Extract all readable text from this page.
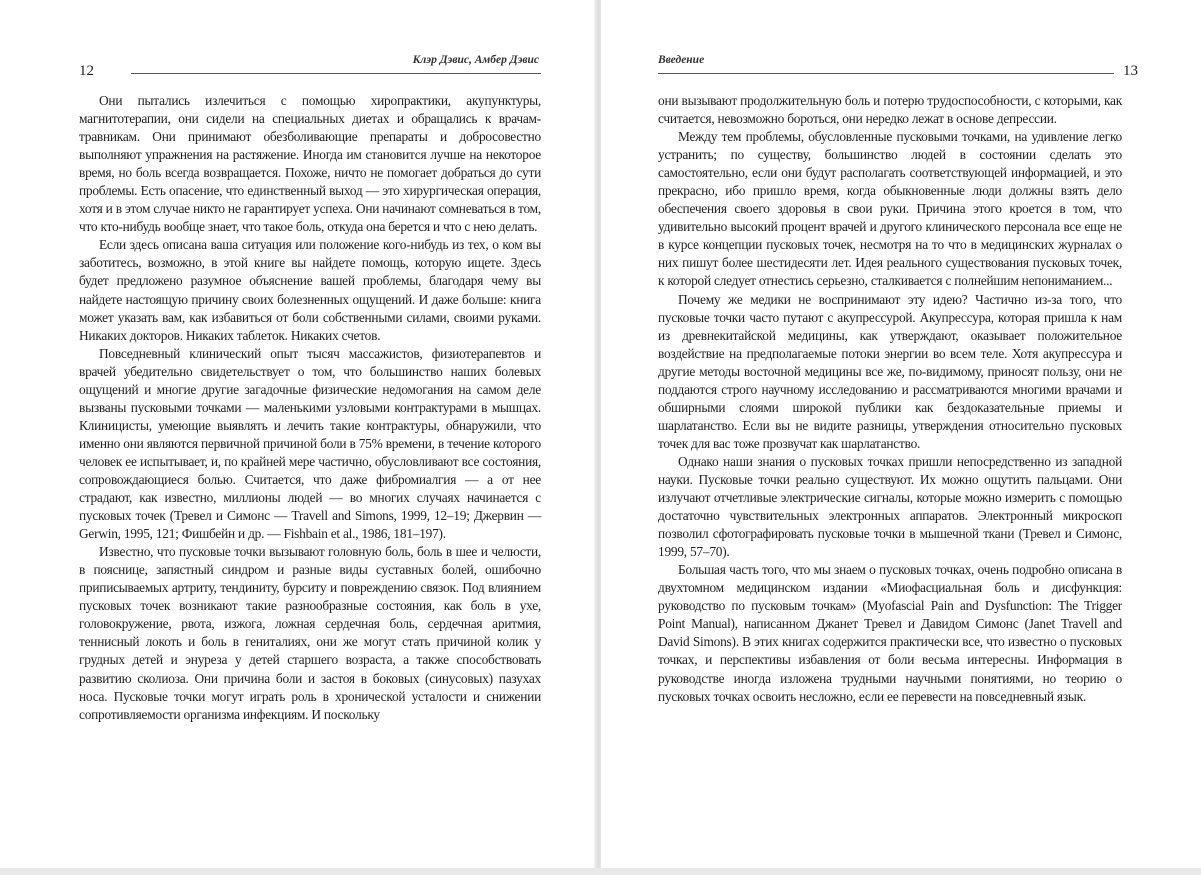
12
Клэр Дэвис, Амбер Дэвис

Они пытались излечиться с помощью хиропрактики, акупунктуры, магнитотерапии, они сидели на специальных диетах и обращались к врачам-травникам. Они принимают обезболивающие препараты и добросовестно выполняют упражнения на растяжение. Иногда им становится лучше на некоторое время, но боль всегда возвращается. Похоже, ничто не помогает добраться до сути проблемы. Есть опасение, что единственный выход — это хирургическая операция, хотя и в этом случае никто не гарантирует успеха. Они начинают сомневаться в том, что кто-нибудь вообще знает, что такое боль, откуда она берется и что с нею делать.

Если здесь описана ваша ситуация или положение кого-нибудь из тех, о ком вы заботитесь, возможно, в этой книге вы найдете помощь, которую ищете. Здесь будет предложено разумное объяснение вашей проблемы, благодаря чему вы найдете настоящую причину своих болезненных ощущений. И даже больше: книга может указать вам, как избавиться от боли собственными силами, своими руками. Никаких докторов. Никаких таблеток. Никаких счетов.

Повседневный клинический опыт тысяч массажистов, физиотерапевтов и врачей убедительно свидетельствует о том, что большинство наших болевых ощущений и многие другие загадочные физические недомогания на самом деле вызваны пусковыми точками — маленькими узловыми контрактурами в мышцах. Клиницисты, умеющие выявлять и лечить такие контрактуры, обнаружили, что именно они являются первичной причиной боли в 75% времени, в течение которого человек ее испытывает, и, по крайней мере частично, обусловливают все состояния, сопровождающиеся болью. Считается, что даже фибромиалгия — а от нее страдают, как известно, миллионы людей — во многих случаях начинается с пусковых точек (Тревел и Симонс — Travell and Simons, 1999, 12–19; Джервин — Gerwin, 1995, 121; Фишбейн и др. — Fishbain et al., 1986, 181–197).

Известно, что пусковые точки вызывают головную боль, боль в шее и челюсти, в пояснице, запястный синдром и разные виды суставных болей, ошибочно приписываемых артриту, тендиниту, бурситу и повреждению связок. Под влиянием пусковых точек возникают такие разнообразные состояния, как боль в ухе, головокружение, рвота, изжога, ложная сердечная боль, сердечная аритмия, теннисный локоть и боль в гениталиях, они же могут стать причиной колик у грудных детей и энуреза у детей старшего возраста, а также способствовать развитию сколиоза. Они причина боли и застоя в боковых (синусовых) пазухах носа. Пусковые точки могут играть роль в хронической усталости и снижении сопротивляемости организма инфекциям. И поскольку

Введение
13

они вызывают продолжительную боль и потерю трудоспособности, с которыми, как считается, невозможно бороться, они нередко лежат в основе депрессии.

Между тем проблемы, обусловленные пусковыми точками, на удивление легко устранить; по существу, большинство людей в состоянии сделать это самостоятельно, если они будут располагать соответствующей информацией, и это прекрасно, ибо пришло время, когда обыкновенные люди должны взять дело обеспечения своего здоровья в свои руки. Причина этого кроется в том, что удивительно высокий процент врачей и другого клинического персонала все еще не в курсе концепции пусковых точек, несмотря на то что в медицинских журналах о них пишут более шестидесяти лет. Идея реального существования пусковых точек, к которой следует отнестись серьезно, сталкивается с полнейшим непониманием...

Почему же медики не воспринимают эту идею? Частично из-за того, что пусковые точки часто путают с акупрессурой. Акупрессура, которая пришла к нам из древнекитайской медицины, как утверждают, оказывает положительное воздействие на предполагаемые потоки энергии во всем теле. Хотя акупрессура и другие методы восточной медицины все же, по-видимому, приносят пользу, они не поддаются строго научному исследованию и рассматриваются многими врачами и обширными слоями широкой публики как бездоказательные приемы и шарлатанство. Если вы не видите разницы, утверждения относительно пусковых точек для вас тоже прозвучат как шарлатанство.

Однако наши знания о пусковых точках пришли непосредственно из западной науки. Пусковые точки реально существуют. Их можно ощутить пальцами. Они излучают отчетливые электрические сигналы, которые можно измерить с помощью достаточно чувствительных электронных аппаратов. Электронный микроскоп позволил сфотографировать пусковые точки в мышечной ткани (Тревел и Симонс, 1999, 57–70).

Большая часть того, что мы знаем о пусковых точках, очень подробно описана в двухтомном медицинском издании «Миофасциальная боль и дисфункция: руководство по пусковым точкам» (Myofascial Pain and Dysfunction: The Trigger Point Manual), написанном Джанет Тревел и Давидом Симонс (Janet Travell and David Simons). В этих книгах содержится практически все, что известно о пусковых точках, и перспективы избавления от боли весьма интересны. Информация в руководстве иногда изложена трудными научными понятиями, но теорию о пусковых точках освоить несложно, если ее перевести на повседневный язык.
